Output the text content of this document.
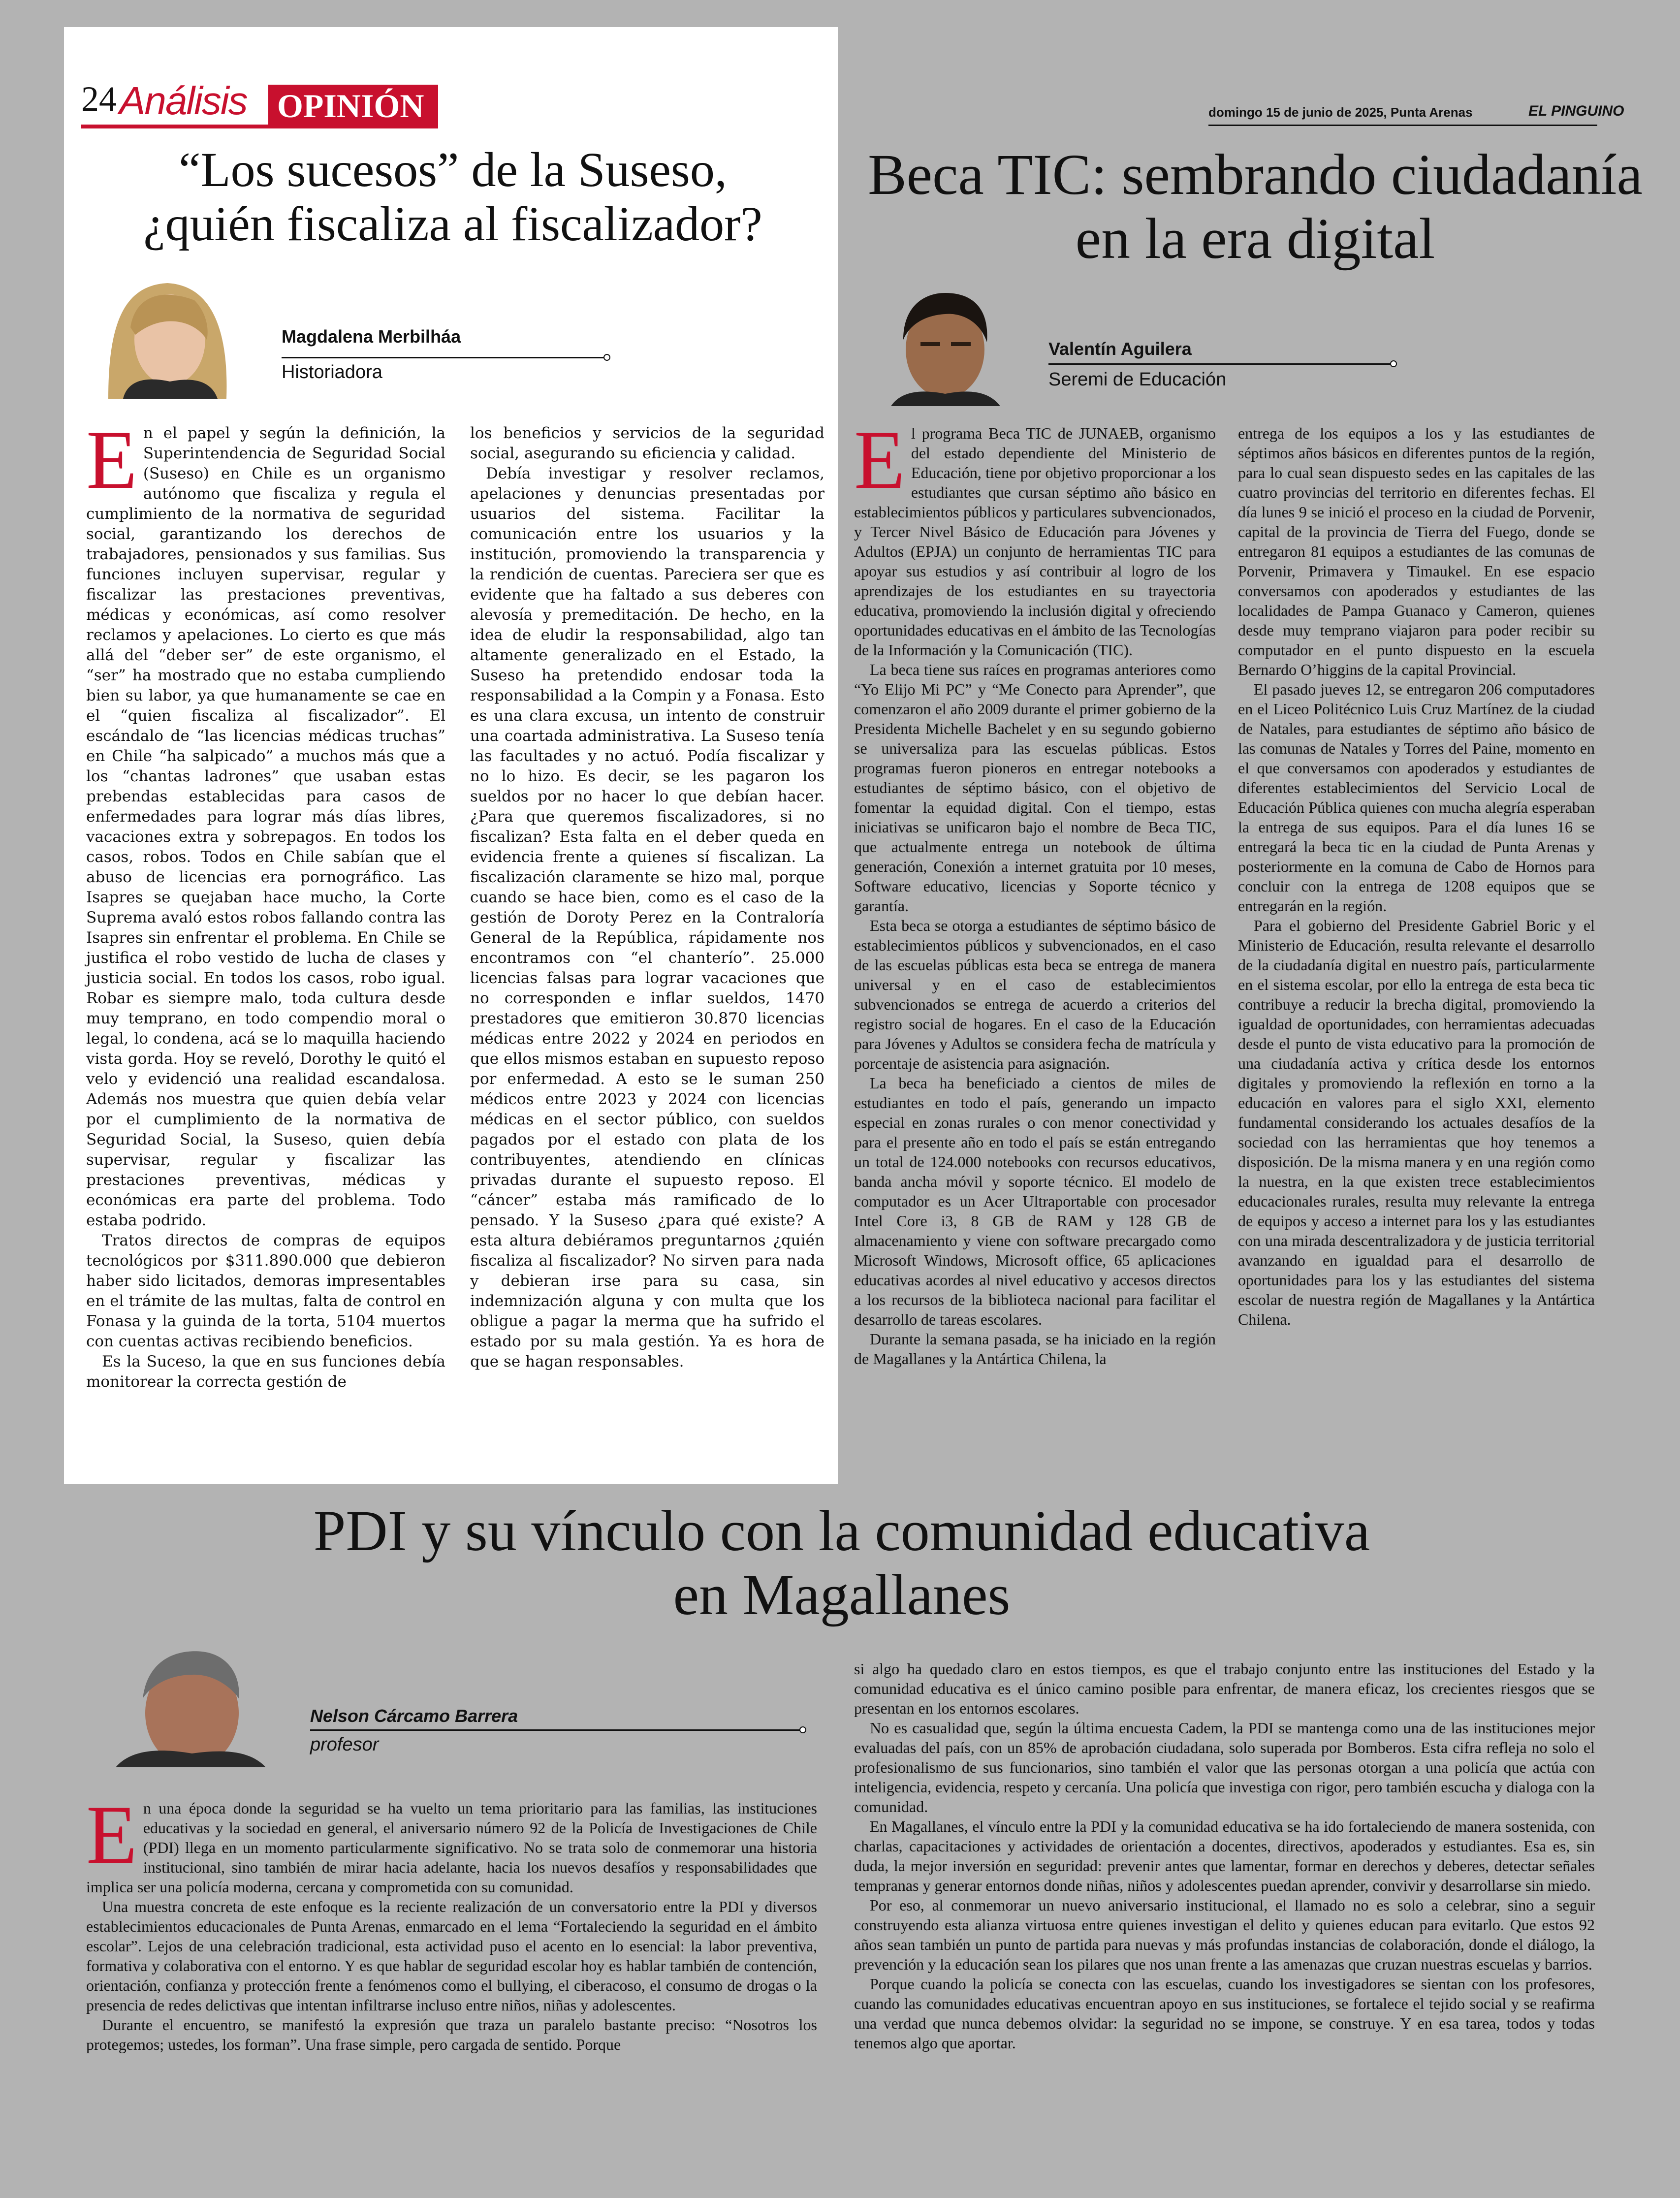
24 Análisis OPINIÓN	domingo 15 de junio de 2025, Punta Arenas	EL PINGUINO
“Los sucesos” de la Suseso, ¿quién fiscaliza al fiscalizador?
Magdalena Merbilháa
Historiadora
E n el papel y según la definición, la Superintendencia de Seguridad Social (Suseso) en Chile es un organismo autónomo que fiscaliza y regula el cumplimiento de la normativa de seguridad social, garantizando los derechos de trabajadores, pensionados y sus familias. Sus funciones incluyen supervisar, regular y fiscalizar las prestaciones preventivas, médicas y económicas, así como resolver reclamos y apelaciones. Lo cierto es que más allá del “deber ser” de este organismo, el “ser” ha mostrado que no estaba cumpliendo bien su labor, ya que humanamente se cae en el “quien fiscaliza al fiscalizador”. El escándalo de “las licencias médicas truchas” en Chile “ha salpicado” a muchos más que a los “chantas ladrones” que usaban estas prebendas establecidas para casos de enfermedades para lograr más días libres, vacaciones extra y sobrepagos. En todos los casos, robos. Todos en Chile sabían que el abuso de licencias era pornográfico. Las Isapres se quejaban hace mucho, la Corte Suprema avaló estos robos fallando contra las Isapres sin enfrentar el problema. En Chile se justifica el robo vestido de lucha de clases y justicia social. En todos los casos, robo igual. Robar es siempre malo, toda cultura desde muy temprano, en todo compendio moral o legal, lo condena, acá se lo maquilla haciendo vista gorda. Hoy se reveló, Dorothy le quitó el velo y evidenció una realidad escandalosa. Además nos muestra que quien debía velar por el cumplimiento de la normativa de Seguridad Social, la Suseso, quien debía supervisar, regular y fiscalizar las prestaciones preventivas, médicas y económicas era parte del problema. Todo estaba podrido.

Tratos directos de compras de equipos tecnológicos por $311.890.000 que debieron haber sido licitados, demoras impresentables en el trámite de las multas, falta de control en Fonasa y la guinda de la torta, 5104 muertos con cuentas activas recibiendo beneficios.

Es la Suceso, la que en sus funciones debía monitorear la correcta gestión de

los beneficios y servicios de la seguridad social, asegurando su eficiencia y calidad.

Debía investigar y resolver reclamos, apelaciones y denuncias presentadas por usuarios del sistema. Facilitar la comunicación entre los usuarios y la institución, promoviendo la transparencia y la rendición de cuentas. Pareciera ser que es evidente que ha faltado a sus deberes con alevosía y premeditación. De hecho, en la idea de eludir la responsabilidad, algo tan altamente generalizado en el Estado, la Suseso ha pretendido endosar toda la responsabilidad a la Compin y a Fonasa. Esto es una clara excusa, un intento de construir una coartada administrativa. La Suseso tenía las facultades y no actuó. Podía fiscalizar y no lo hizo. Es decir, se les pagaron los sueldos por no hacer lo que debían hacer. ¿Para que queremos fiscalizadores, si no fiscalizan? Esta falta en el deber queda en evidencia frente a quienes sí fiscalizan. La fiscalización claramente se hizo mal, porque cuando se hace bien, como es el caso de la gestión de Doroty Perez en la Contraloría General de la República, rápidamente nos encontramos con “el chanterío”. 25.000 licencias falsas para lograr vacaciones que no corresponden e inflar sueldos, 1470 prestadores que emitieron 30.870 licencias médicas entre 2022 y 2024 en periodos en que ellos mismos estaban en supuesto reposo por enfermedad. A esto se le suman 250 médicos entre 2023 y 2024 con licencias médicas en el sector público, con sueldos pagados por el estado con plata de los contribuyentes, atendiendo en clínicas privadas durante el supuesto reposo. El “cáncer” estaba más ramificado de lo pensado. Y la Suseso ¿para qué existe? A esta altura debiéramos preguntarnos ¿quién fiscaliza al fiscalizador? No sirven para nada y debieran irse para su casa, sin indemnización alguna y con multa que los obligue a pagar la merma que ha sufrido el estado por su mala gestión. Ya es hora de que se hagan responsables.

Beca TIC: sembrando ciudadanía en la era digital
Valentín Aguilera
Seremi de Educación
E l programa Beca TIC de JUNAEB, organismo del estado dependiente del Ministerio de Educación, tiene por objetivo proporcionar a los estudiantes que cursan séptimo año básico en establecimientos públicos y particulares subvencionados, y Tercer Nivel Básico de Educación para Jóvenes y Adultos (EPJA) un conjunto de herramientas TIC para apoyar sus estudios y así contribuir al logro de los aprendizajes de los estudiantes en su trayectoria educativa, promoviendo la inclusión digital y ofreciendo oportunidades educativas en el ámbito de las Tecnologías de la Información y la Comunicación (TIC).

La beca tiene sus raíces en programas anteriores como “Yo Elijo Mi PC” y “Me Conecto para Aprender”, que comenzaron el año 2009 durante el primer gobierno de la Presidenta Michelle Bachelet y en su segundo gobierno se universaliza para las escuelas públicas. Estos programas fueron pioneros en entregar notebooks a estudiantes de séptimo básico, con el objetivo de fomentar la equidad digital. Con el tiempo, estas iniciativas se unificaron bajo el nombre de Beca TIC, que actualmente entrega un notebook de última generación, Conexión a internet gratuita por 10 meses, Software educativo, licencias y Soporte técnico y garantía.

Esta beca se otorga a estudiantes de séptimo básico de establecimientos públicos y subvencionados, en el caso de las escuelas públicas esta beca se entrega de manera universal y en el caso de establecimientos subvencionados se entrega de acuerdo a criterios del registro social de hogares. En el caso de la Educación para Jóvenes y Adultos se considera fecha de matrícula y porcentaje de asistencia para asignación.

La beca ha beneficiado a cientos de miles de estudiantes en todo el país, generando un impacto especial en zonas rurales o con menor conectividad y para el presente año en todo el país se están entregando un total de 124.000 notebooks con recursos educativos, banda ancha móvil y soporte técnico. El modelo de computador es un Acer Ultraportable con procesador Intel Core i3, 8 GB de RAM y 128 GB de almacenamiento y viene con software precargado como Microsoft Windows, Microsoft office, 65 aplicaciones educativas acordes al nivel educativo y accesos directos a los recursos de la biblioteca nacional para facilitar el desarrollo de tareas escolares.

Durante la semana pasada, se ha iniciado en la región de Magallanes y la Antártica Chilena, la

entrega de los equipos a los y las estudiantes de séptimos años básicos en diferentes puntos de la región, para lo cual sean dispuesto sedes en las capitales de las cuatro provincias del territorio en diferentes fechas. El día lunes 9 se inició el proceso en la ciudad de Porvenir, capital de la provincia de Tierra del Fuego, donde se entregaron 81 equipos a estudiantes de las comunas de Porvenir, Primavera y Timaukel. En ese espacio conversamos con apoderados y estudiantes de las localidades de Pampa Guanaco y Cameron, quienes desde muy temprano viajaron para poder recibir su computador en el punto dispuesto en la escuela Bernardo O’higgins de la capital Provincial.

El pasado jueves 12, se entregaron 206 computadores en el Liceo Politécnico Luis Cruz Martínez de la ciudad de Natales, para estudiantes de séptimo año básico de las comunas de Natales y Torres del Paine, momento en el que conversamos con apoderados y estudiantes de diferentes establecimientos del Servicio Local de Educación Pública quienes con mucha alegría esperaban la entrega de sus equipos. Para el día lunes 16 se entregará la beca tic en la ciudad de Punta Arenas y posteriormente en la comuna de Cabo de Hornos para concluir con la entrega de 1208 equipos que se entregarán en la región.

Para el gobierno del Presidente Gabriel Boric y el Ministerio de Educación, resulta relevante el desarrollo de la ciudadanía digital en nuestro país, particularmente en el sistema escolar, por ello la entrega de esta beca tic contribuye a reducir la brecha digital, promoviendo la igualdad de oportunidades, con herramientas adecuadas desde el punto de vista educativo para la promoción de una ciudadanía activa y crítica desde los entornos digitales y promoviendo la reflexión en torno a la educación en valores para el siglo XXI, elemento fundamental considerando los actuales desafíos de la sociedad con las herramientas que hoy tenemos a disposición. De la misma manera y en una región como la nuestra, en la que existen trece establecimientos educacionales rurales, resulta muy relevante la entrega de equipos y acceso a internet para los y las estudiantes con una mirada descentralizadora y de justicia territorial avanzando en igualdad para el desarrollo de oportunidades para los y las estudiantes del sistema escolar de nuestra región de Magallanes y la Antártica Chilena.

PDI y su vínculo con la comunidad educativa en Magallanes
Nelson Cárcamo Barrera
profesor
E n una época donde la seguridad se ha vuelto un tema prioritario para las familias, las instituciones educativas y la sociedad en general, el aniversario número 92 de la Policía de Investigaciones de Chile (PDI) llega en un momento particularmente significativo. No se trata solo de conmemorar una historia institucional, sino también de mirar hacia adelante, hacia los nuevos desafíos y responsabilidades que implica ser una policía moderna, cercana y comprometida con su comunidad.

Una muestra concreta de este enfoque es la reciente realización de un conversatorio entre la PDI y diversos establecimientos educacionales de Punta Arenas, enmarcado en el lema “Fortaleciendo la seguridad en el ámbito escolar”. Lejos de una celebración tradicional, esta actividad puso el acento en lo esencial: la labor preventiva, formativa y colaborativa con el entorno. Y es que hablar de seguridad escolar hoy es hablar también de contención, orientación, confianza y protección frente a fenómenos como el bullying, el ciberacoso, el consumo de drogas o la presencia de redes delictivas que intentan infiltrarse incluso entre niños, niñas y adolescentes.

Durante el encuentro, se manifestó la expresión que traza un paralelo bastante preciso: “Nosotros los protegemos; ustedes, los forman”. Una frase simple, pero cargada de sentido. Porque

si algo ha quedado claro en estos tiempos, es que el trabajo conjunto entre las instituciones del Estado y la comunidad educativa es el único camino posible para enfrentar, de manera eficaz, los crecientes riesgos que se presentan en los entornos escolares.

No es casualidad que, según la última encuesta Cadem, la PDI se mantenga como una de las instituciones mejor evaluadas del país, con un 85% de aprobación ciudadana, solo superada por Bomberos. Esta cifra refleja no solo el profesionalismo de sus funcionarios, sino también el valor que las personas otorgan a una policía que actúa con inteligencia, evidencia, respeto y cercanía. Una policía que investiga con rigor, pero también escucha y dialoga con la comunidad.

En Magallanes, el vínculo entre la PDI y la comunidad educativa se ha ido fortaleciendo de manera sostenida, con charlas, capacitaciones y actividades de orientación a docentes, directivos, apoderados y estudiantes. Esa es, sin duda, la mejor inversión en seguridad: prevenir antes que lamentar, formar en derechos y deberes, detectar señales tempranas y generar entornos donde niñas, niños y adolescentes puedan aprender, convivir y desarrollarse sin miedo.

Por eso, al conmemorar un nuevo aniversario institucional, el llamado no es solo a celebrar, sino a seguir construyendo esta alianza virtuosa entre quienes investigan el delito y quienes educan para evitarlo. Que estos 92 años sean también un punto de partida para nuevas y más profundas instancias de colaboración, donde el diálogo, la prevención y la educación sean los pilares que nos unan frente a las amenazas que cruzan nuestras escuelas y barrios.

Porque cuando la policía se conecta con las escuelas, cuando los investigadores se sientan con los profesores, cuando las comunidades educativas encuentran apoyo en sus instituciones, se fortalece el tejido social y se reafirma una verdad que nunca debemos olvidar: la seguridad no se impone, se construye. Y en esa tarea, todos y todas tenemos algo que aportar.
